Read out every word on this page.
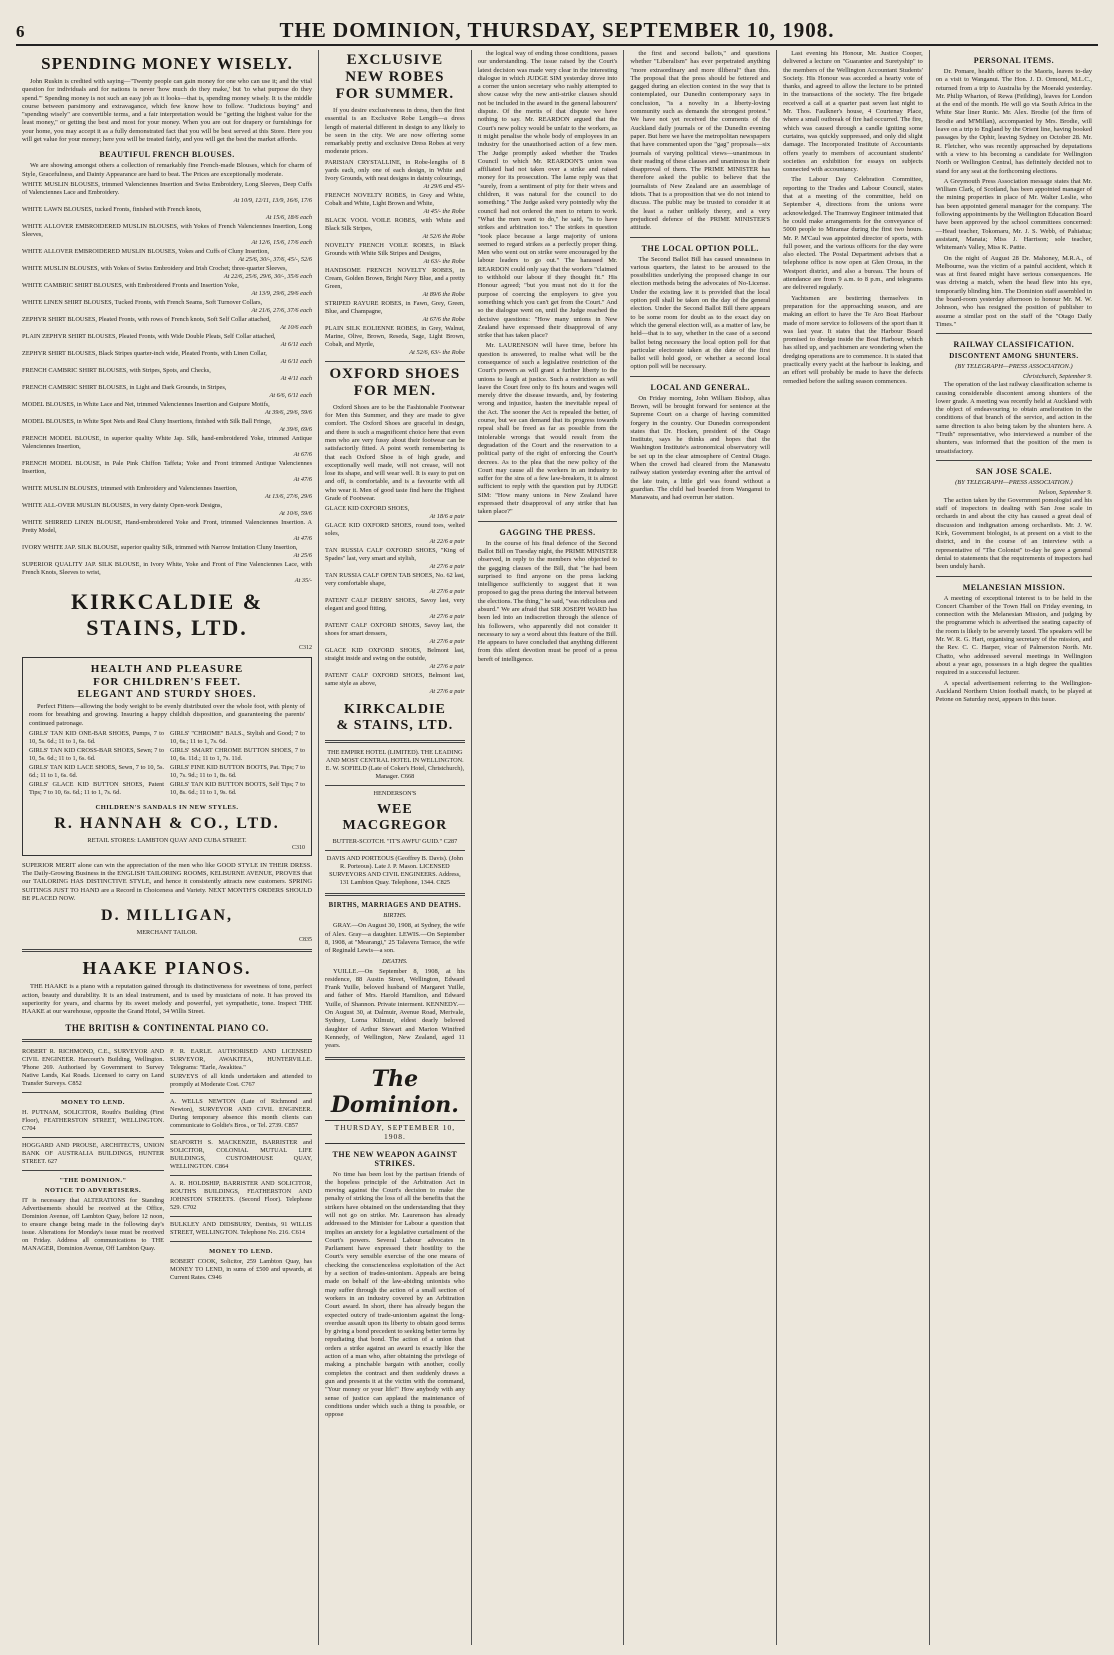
6	THE DOMINION, THURSDAY, SEPTEMBER 10, 1908.
SPENDING MONEY WISELY.

John Ruskin is credited with saying—"Twenty people can gain money for one who can use it; and the vital question for individuals and for nations is never 'how much do they make,' but 'to what purpose do they spend.'" Spending money is not such an easy job as it looks—that is, spending money wisely. It is the middle course between parsimony and extravagance, which few know how to follow. "Judicious buying" and "spending wisely" are convertible terms, and a fair interpretation would be "getting the highest value for the least money," or getting the best and most for your money. When you are out for drapery or furnishings for your home, you may accept it as a fully demonstrated fact that you will be best served at this Store. Here you will get value for your money; here you will be treated fairly, and you will get the best the market affords.

BEAUTIFUL FRENCH BLOUSES.

We are showing amongst others a collection of remarkably fine French-made Blouses, which for charm of Style, Gracefulness, and Dainty Appearance are hard to beat. The Prices are exceptionally moderate.

WHITE MUSLIN BLOUSES, trimmed Valenciennes Insertion and Swiss Embroidery, Long Sleeves, Deep Cuffs of Valenciennes Lace and Embroidery.
At 10/9, 12/11, 13/9, 16/6, 17/6

WHITE LAWN BLOUSES, tucked Fronts, finished with French knots,
At 15/6, 18/6 each

WHITE ALLOVER EMBROIDERED MUSLIN BLOUSES, with Yokes of French Valenciennes Insertion, Long Sleeves,
At 12/6, 15/6, 17/6 each

WHITE ALLOVER EMBROIDERED MUSLIN BLOUSES, Yokes and Cuffs of Cluny Insertion,
At 25/6, 30/-, 37/6, 45/-, 52/6

WHITE MUSLIN BLOUSES, with Yokes of Swiss Embroidery and Irish Crochet; three-quarter Sleeves,
At 22/6, 25/6, 29/6, 30/-, 35/6 each

WHITE CAMBRIC SHIRT BLOUSES, with Embroidered Fronts and Insertion Yoke,
At 13/9, 29/6, 29/6 each

WHITE LINEN SHIRT BLOUSES, Tucked Fronts, with French Seams, Soft Turnover Collars,
At 21/6, 27/6, 37/6 each

ZEPHYR SHIRT BLOUSES, Pleated Fronts, with rows of French knots, Soft Self Collar attached,
At 10/6 each

PLAIN ZEPHYR SHIRT BLOUSES, Pleated Fronts, with Wide Double Pleats, Self Collar attached,
At 6/11 each

ZEPHYR SHIRT BLOUSES, Black Stripes quarter-inch wide, Pleated Fronts, with Linen Collar,
At 6/11 each

FRENCH CAMBRIC SHIRT BLOUSES, with Stripes, Spots, and Checks,
At 4/11 each

FRENCH CAMBRIC SHIRT BLOUSES, in Light and Dark Grounds, in Stripes,
At 6/6, 6/11 each

MODEL BLOUSES, in White Lace and Net, trimmed Valenciennes Insertion and Guipure Motifs,
At 39/6, 29/6, 59/6

MODEL BLOUSES, in White Spot Nets and Real Cluny Insertions, finished with Silk Ball Fringe,
At 39/6, 69/6

FRENCH MODEL BLOUSE, in superior quality White Jap. Silk, hand-embroidered Yoke, trimmed Antique Valenciennes Insertion,
At 67/6

FRENCH MODEL BLOUSE, in Pale Pink Chiffon Taffeta; Yoke and Front trimmed Antique Valenciennes Insertion,
At 47/6

WHITE MUSLIN BLOUSES, trimmed with Embroidery and Valenciennes Insertion,
At 13/6, 27/6, 29/6

WHITE ALL-OVER MUSLIN BLOUSES, in very dainty Open-work Designs,
At 10/6, 59/6

WHITE SHIRRED LINEN BLOUSE, Hand-embroidered Yoke and Front, trimmed Valenciennes Insertion. A Pretty Model,
At 47/6

IVORY WHITE JAP. SILK BLOUSE, superior quality Silk, trimmed with Narrow Imitation Cluny Insertion,
At 25/6

SUPERIOR QUALITY JAP. SILK BLOUSE, in Ivory White, Yoke and Front of Fine Valenciennes Lace, with French Knots, Sleeves to wrist,
At 35/-

KIRKCALDIE & STAINS, LTD.
C312
HEALTH AND PLEASURE
FOR CHILDREN'S FEET.
ELEGANT AND STURDY SHOES.

Perfect Fitters—allowing the body weight to be evenly distributed over the whole foot, with plenty of room for breathing and growing. Insuring a happy childish disposition, and guaranteeing the parents' continued patronage.

GIRLS' TAN KID ONE-BAR SHOES, Pumps, 7 to 10, 5s. 6d.; 11 to 1, 6s. 6d.

GIRLS' TAN KID CROSS-BAR SHOES, Sewn; 7 to 10, 5s. 6d.; 11 to 1, 6s. 6d.

GIRLS' TAN KID LACE SHOES, Sewn, 7 to 10, 5s. 6d.; 11 to 1, 6s. 6d.

GIRLS' GLACE KID BUTTON SHOES, Patent Tips; 7 to 10, 6s. 6d.; 11 to 1, 7s. 6d.

GIRLS' "CHROME" BALS., Stylish and Good; 7 to 10, 6s.; 11 to 1, 7s. 6d.

GIRLS' SMART CHROME BUTTON SHOES, 7 to 10, 6s. 11d.; 11 to 1, 7s. 11d.

GIRLS' FINE KID BUTTON BOOTS, Pat. Tips; 7 to 10, 7s. 9d.; 11 to 1, 8s. 6d.

GIRLS' TAN KID BUTTON BOOTS, Self Tips; 7 to 10, 8s. 6d.; 11 to 1, 9s. 6d.

CHILDREN'S SANDALS IN NEW STYLES.
R. HANNAH & CO., LTD.
RETAIL STORES: LAMBTON QUAY AND CUBA STREET.
C310

SUPERIOR MERIT alone can win the appreciation of the men who like GOOD STYLE IN THEIR DRESS. The Daily-Growing Business in the ENGLISH TAILORING ROOMS, KELBURNE AVENUE, PROVES that our TAILORING HAS DISTINCTIVE STYLE, and hence it consistently attracts new customers. SPRING SUITINGS JUST TO HAND are a Record in Choiceness and Variety. NEXT MONTH'S ORDERS SHOULD BE PLACED NOW.

D. MILLIGAN,
MERCHANT TAILOR.
C835
HAAKE PIANOS.

THE HAAKE is a piano with a reputation gained through its distinctiveness for sweetness of tone, perfect action, beauty and durability. It is an ideal instrument, and is used by musicians of note. It has proved its superiority for years, and charms by its sweet melody and powerful, yet sympathetic, tone. Inspect THE HAAKE at our warehouse, opposite the Grand Hotel, 34 Willis Street.

THE BRITISH & CONTINENTAL PIANO CO.

ROBERT R. RICHMOND, C.E., SURVEYOR AND CIVIL ENGINEER. Harcourt's Building, Wellington. 'Phone 269. Authorised by Government to Survey Native Lands, Kai Roads. Licensed to carry on Land Transfer Surveys. C852

MONEY TO LEND.

H. PUTNAM, SOLICITOR, Routh's Building (First Floor), FEATHERSTON STREET, WELLINGTON. C704

HOGGARD AND PROUSE, ARCHITECTS, UNION BANK OF AUSTRALIA BUILDINGS, HUNTER STREET. 627

"THE DOMINION."
NOTICE TO ADVERTISERS.

IT is necessary that ALTERATIONS for Standing Advertisements should be received at the Office, Dominion Avenue, off Lambton Quay, before 12 noon, to ensure change being made in the following day's issue. Alterations for Monday's issue must be received on Friday. Address all communications to THE MANAGER, Dominion Avenue, Off Lambton Quay.

P. R. EARLE. AUTHORISED AND LICENSED SURVEYOR, AWAKITEA, HUNTERVILLE. Telegrams: "Earle, Awakitea."

SURVEYS of all kinds undertaken and attended to promptly at Moderate Cost. C767

A. WELLS NEWTON (Late of Richmond and Newton), SURVEYOR AND CIVIL ENGINEER. During temporary absence this month clients can communicate to Goldie's Bros., or Tel. 2739. C857

SEAFORTH S. MACKENZIE, BARRISTER and SOLICITOR, COLONIAL MUTUAL LIFE BUILDINGS, CUSTOMHOUSE QUAY, WELLINGTON. C864

A. R. HOLDSHIP, BARRISTER AND SOLICITOR, ROUTH'S BUILDINGS, FEATHERSTON AND JOHNSTON STREETS. (Second Floor). Telephone 529. C702

BULKLEY AND DIDSBURY, Dentists, 91 WILLIS STREET, WELLINGTON. Telephone No. 216. C614

MONEY TO LEND.

ROBERT COOK, Solicitor, 259 Lambton Quay, has MONEY TO LEND, in sums of £500 and upwards, at Current Rates. C946

EXCLUSIVE
NEW ROBES
FOR SUMMER.

If you desire exclusiveness in dress, then the first essential is an Exclusive Robe Length—a dress length of material different in design to any likely to be seen in the city. We are now offering some remarkably pretty and exclusive Dress Robes at very moderate prices.

PARISIAN CRYSTALLINE, in Robe-lengths of 8 yards each, only one of each design, in White and Ivory Grounds, with neat designs in dainty colourings,
At 29/6 and 45/-

FRENCH NOVELTY ROBES, in Grey and White, Cobalt and White, Light Brown and White,
At 45/- the Robe

BLACK VOOL VOILE ROBES, with White and Black Silk Stripes,
At 52/6 the Robe

NOVELTY FRENCH VOILE ROBES, in Black Grounds with White Silk Stripes and Designs,
At 63/- the Robe

HANDSOME FRENCH NOVELTY ROBES, in Cream, Golden Brown, Bright Navy Blue, and a pretty Green,
At 89/6 the Robe

STRIPED RAYURE ROBES, in Fawn, Grey, Green, Blue, and Champagne,
At 67/6 the Robe

PLAIN SILK EOLIENNE ROBES, in Grey, Walnut, Marine, Olive, Brown, Reseda, Sage, Light Brown, Cobalt, and Myrtle,
At 52/6, 63/- the Robe

OXFORD SHOES
FOR MEN.

Oxford Shoes are to be the Fashionable Footwear for Men this Summer, and they are made to give comfort. The Oxford Shoes are graceful in design, and there is such a magnificent choice here that even men who are very fussy about their footwear can be satisfactorily fitted. A point worth remembering is that each Oxford Shoe is of high grade, and exceptionally well made, will not crease, will not lose its shape, and will wear well. It is easy to put on and off, is comfortable, and is a favourite with all who wear it. Men of good taste find here the Highest Grade of Footwear.

GLACE KID OXFORD SHOES,
At 18/6 a pair

GLACE KID OXFORD SHOES, round toes, welted soles,
At 22/6 a pair

TAN RUSSIA CALF OXFORD SHOES, "King of Spades" last, very smart and stylish,
At 27/6 a pair

TAN RUSSIA CALF OPEN TAB SHOES, No. 62 last, very comfortable shape,
At 27/6 a pair

PATENT CALF DERBY SHOES, Savoy last, very elegant and good fitting,
At 27/6 a pair

PATENT CALF OXFORD SHOES, Savoy last, the shoes for smart dressers,
At 27/6 a pair

GLACE KID OXFORD SHOES, Belmont last, straight inside and swing on the outside,
At 27/6 a pair

PATENT CALF OXFORD SHOES, Belmont last, same style as above,
At 27/6 a pair

KIRKCALDIE
& STAINS, LTD.

THE EMPIRE HOTEL (LIMITED). THE LEADING AND MOST CENTRAL HOTEL IN WELLINGTON. E. W. SOFIELD (Late of Coker's Hotel, Christchurch), Manager. C668

HENDERSON'S
WEE MACGREGOR

BUTTER-SCOTCH. "IT'S AWFU' GUID." C287

DAVIS AND PORTEOUS (Geoffrey B. Davis). (John R. Porteous). Late J. P. Mason. LICENSED SURVEYORS AND CIVIL ENGINEERS. Address, 131 Lambton Quay. Telephone, 1344. C825

BIRTHS, MARRIAGES AND DEATHS.
BIRTHS.

GRAY.—On August 30, 1908, at Sydney, the wife of Alex. Gray—a daughter. LEWIS.—On September 8, 1908, at "Mearangi," 25 Talavera Terrace, the wife of Reginald Lewis—a son.

DEATHS.

YUILLE.—On September 8, 1908, at his residence, 88 Austin Street, Wellington, Edward Frank Yuille, beloved husband of Margaret Yuille, and father of Mrs. Harold Hamilton, and Edward Yuille, of Shannon. Private interment. KENNEDY.—On August 30, at Dalmuir, Avenue Road, Merivale, Sydney, Lorna Kilmuir, eldest dearly beloved daughter of Arthur Stewart and Marion Winifred Kennedy, of Wellington, New Zealand, aged 11 years.

The Dominion.
THURSDAY, SEPTEMBER 10, 1908.
THE NEW WEAPON AGAINST STRIKES.

No time has been lost by the partisan friends of the hopeless principle of the Arbitration Act in moving against the Court's decision to make the penalty of striking the loss of all the benefits that the strikers have obtained on the understanding that they will not go on strike. Mr. Laurenson has already addressed to the Minister for Labour a question that implies an anxiety for a legislative curtailment of the Court's powers. Several Labour advocates in Parliament have expressed their hostility to the Court's very sensible exercise of the one means of checking the conscienceless exploitation of the Act by a section of trades-unionism. Appeals are being made on behalf of the law-abiding unionists who may suffer through the action of a small section of workers in an industry covered by an Arbitration Court award. In short, there has already begun the expected outcry of trade-unionism against the long-overdue assault upon its liberty to obtain good terms by giving a bond precedent to seeking better terms by repudiating that bond. The action of a union that orders a strike against an award is exactly like the action of a man who, after obtaining the privilege of making a pinchable bargain with another, coolly completes the contract and then suddenly draws a gun and presents it at the victim with the command, "Your money or your life!" How anybody with any sense of justice can applaud the maintenance of conditions under which such a thing is possible, or oppose

the logical way of ending those conditions, passes our understanding. The issue raised by the Court's latest decision was made very clear in the interesting dialogue in which JUDGE SIM yesterday drove into a corner the union secretary who rashly attempted to show cause why the new anti-strike clauses should not be included in the award in the general labourers' dispute. Of the merits of that dispute we have nothing to say. Mr. REARDON argued that the Court's new policy would be unfair to the workers, as it might penalise the whole body of employees in an industry for the unauthorised action of a few men. The Judge promptly asked whether the Trades Council to which Mr. REARDON'S union was affiliated had not taken over a strike and raised money for its prosecution. The lame reply was that "surely, from a sentiment of pity for their wives and children, it was natural for the council to do something." The Judge asked very pointedly why the council had not ordered the men to return to work. "What the men want to do," he said, "is to have strikes and arbitration too." The strikes in question "took place because a large majority of unions seemed to regard strikes as a perfectly proper thing. Men who went out on strike were encouraged by the labour leaders to go out." The harassed Mr. REARDON could only say that the workers "claimed to withhold our labour if they thought fit." His Honour agreed; "but you must not do it for the purpose of coercing the employers to give you something which you can't get from the Court." And so the dialogue went on, until the Judge reached the decisive questions: "How many unions in New Zealand have expressed their disapproval of any strike that has taken place?

Mr. LAURENSON will have time, before his question is answered, to realise what will be the consequence of such a legislative restriction of the Court's powers as will grant a further liberty to the unions to laugh at justice. Such a restriction as will leave the Court free only to fix hours and wages will merely drive the disease inwards, and, by fostering wrong and injustice, hasten the inevitable repeal of the Act. The sooner the Act is repealed the better, of course, but we can demand that its progress towards repeal shall be freed as far as possible from the intolerable wrongs that would result from the degradation of the Court and the reservation to a political party of the right of enforcing the Court's decrees. As to the plea that the new policy of the Court may cause all the workers in an industry to suffer for the sins of a few law-breakers, it is almost sufficient to reply with the question put by JUDGE SIM: "How many unions in New Zealand have expressed their disapproval of any strike that has taken place?"

GAGGING THE PRESS.

In the course of his final defence of the Second Ballot Bill on Tuesday night, the PRIME MINISTER observed, in reply to the members who objected to the gagging clauses of the Bill, that "he had been surprised to find anyone on the press lacking intelligence sufficiently to suggest that it was proposed to gag the press during the interval between the elections. The thing," he said, "was ridiculous and absurd." We are afraid that SIR JOSEPH WARD has been led into an indiscretion through the silence of his followers, who apparently did not consider it necessary to say a word about this feature of the Bill. He appears to have concluded that anything different from this silent devotion must be proof of a press bereft of intelligence.

the first and second ballots," and questions whether "Liberalism" has ever perpetrated anything "more extraordinary and more illiberal" than this. The proposal that the press should be fettered and gagged during an election contest in the way that is contemplated, our Dunedin contemporary says in conclusion, "is a novelty in a liberty-loving community such as demands the strongest protest." We have not yet received the comments of the Auckland daily journals or of the Dunedin evening paper. But here we have the metropolitan newspapers that have commented upon the "gag" proposals—six journals of varying political views—unanimous in their reading of these clauses and unanimous in their disapproval of them. The PRIME MINISTER has therefore asked the public to believe that the journalists of New Zealand are an assemblage of idiots. That is a proposition that we do not intend to discuss. The public may be trusted to consider it at the least a rather unlikely theory, and a very prejudiced defence of the PRIME MINISTER'S attitude.

THE LOCAL OPTION POLL.

The Second Ballot Bill has caused uneasiness in various quarters, the latest to be aroused to the possibilities underlying the proposed change in our election methods being the advocates of No-License. Under the existing law it is provided that the local option poll shall be taken on the day of the general election. Under the Second Ballot Bill there appears to be some room for doubt as to the exact day on which the general election will, as a matter of law, be held—that is to say, whether in the case of a second ballot being necessary the local option poll for that particular electorate taken at the date of the first ballot will hold good, or whether a second local option poll will be necessary.

LOCAL AND GENERAL.

On Friday morning, John William Bishop, alias Brown, will be brought forward for sentence at the Supreme Court on a charge of having committed forgery in the country. Our Dunedin correspondent states that Dr. Hocken, president of the Otago Institute, says he thinks and hopes that the Washington Institute's astronomical observatory will be set up in the clear atmosphere of Central Otago. When the crowd had cleared from the Manawatu railway station yesterday evening after the arrival of the late train, a little girl was found without a guardian. The child had boarded from Wanganui to Manawatu, and had overrun her station.

Last evening his Honour, Mr. Justice Cooper, delivered a lecture on "Guarantee and Suretyship" to the members of the Wellington Accountant Students' Society. His Honour was accorded a hearty vote of thanks, and agreed to allow the lecture to be printed in the transactions of the society. The fire brigade received a call at a quarter past seven last night to Mr. Thos. Faulkner's house, 4 Courtenay Place, where a small outbreak of fire had occurred. The fire, which was caused through a candle igniting some curtains, was quickly suppressed, and only did slight damage. The Incorporated Institute of Accountants offers yearly to members of accountant students' societies an exhibition for essays on subjects connected with accountancy.

The Labour Day Celebration Committee, reporting to the Trades and Labour Council, states that at a meeting of the committee, held on September 4, directions from the unions were acknowledged. The Tramway Engineer intimated that he could make arrangements for the conveyance of 5000 people to Miramar during the first two hours. Mr. P. M'Caul was appointed director of sports, with full power, and the various officers for the day were also elected. The Postal Department advises that a telephone office is now open at Glen Oroua, in the Westport district, and also a bureau. The hours of attendance are from 9 a.m. to 8 p.m., and telegrams are delivered regularly.

Yachtsmen are bestirring themselves in preparation for the approaching season, and are making an effort to have the Te Aro Boat Harbour made of more service to followers of the sport than it was last year. It states that the Harbour Board promised to dredge inside the Boat Harbour, which has silted up, and yachtsmen are wondering when the dredging operations are to commence. It is stated that practically every yacht at the harbour is leaking, and an effort will probably be made to have the defects remedied before the sailing season commences.

PERSONAL ITEMS.

Dr. Pomare, health officer to the Maoris, leaves to-day on a visit to Wanganui. The Hon. J. D. Ormond, M.L.C., returned from a trip to Australia by the Moeraki yesterday. Mr. Philip Wharton, of Rewa (Feilding), leaves for London at the end of the month. He will go via South Africa in the White Star liner Runic. Mr. Alex. Brodie (of the firm of Brodie and M'Millan), accompanied by Mrs. Brodie, will leave on a trip to England by the Orient line, having booked passages by the Ophir, leaving Sydney on October 28. Mr. R. Fletcher, who was recently approached by deputations with a view to his becoming a candidate for Wellington North or Wellington Central, has definitely decided not to stand for any seat at the forthcoming elections.

A Greymouth Press Association message states that Mr. William Clark, of Scotland, has been appointed manager of the mining properties in place of Mr. Walter Leslie, who has been appointed general manager for the company. The following appointments by the Wellington Education Board have been approved by the school committees concerned:—Head teacher, Tokomaru, Mr. J. S. Webb, of Pahiatua; assistant, Manaia; Miss J. Harrison; sole teacher, Whiteman's Valley, Miss K. Pattie.

On the night of August 28 Dr. Mahoney, M.R.A., of Melbourne, was the victim of a painful accident, which it was at first feared might have serious consequences. He was driving a match, when the head flew into his eye, temporarily blinding him. The Dominion staff assembled in the board-room yesterday afternoon to honour Mr. M. W. Johnson, who has resigned the position of publisher to assume a similar post on the staff of the "Otago Daily Times."

RAILWAY CLASSIFICATION.
DISCONTENT AMONG SHUNTERS.
(BY TELEGRAPH—PRESS ASSOCIATION.)
Christchurch, September 9.

The operation of the last railway classification scheme is causing considerable discontent among shunters of the lower grade. A meeting was recently held at Auckland with the object of endeavouring to obtain amelioration in the conditions of that branch of the service, and action in the same direction is also being taken by the shunters here. A "Truth" representative, who interviewed a number of the shunters, was informed that the position of the men is unsatisfactory.

SAN JOSE SCALE.
(BY TELEGRAPH—PRESS ASSOCIATION.)
Nelson, September 9.

The action taken by the Government pomologist and his staff of inspectors in dealing with San Jose scale in orchards in and about the city has caused a great deal of discussion and indignation among orchardists. Mr. J. W. Kirk, Government biologist, is at present on a visit to the district, and in the course of an interview with a representative of "The Colonist" to-day he gave a general denial to statements that the requirements of inspectors had been unduly harsh.

MELANESIAN MISSION.

A meeting of exceptional interest is to be held in the Concert Chamber of the Town Hall on Friday evening, in connection with the Melanesian Mission, and judging by the programme which is advertised the seating capacity of the room is likely to be severely taxed. The speakers will be Mr. W. R. G. Hart, organising secretary of the mission, and the Rev. C. C. Harper, vicar of Palmerston North. Mr. Chatto, who addressed several meetings in Wellington about a year ago, possesses in a high degree the qualities required in a successful lecturer.

A special advertisement referring to the Wellington-Auckland Northern Union football match, to be played at Petone on Saturday next, appears in this issue.
